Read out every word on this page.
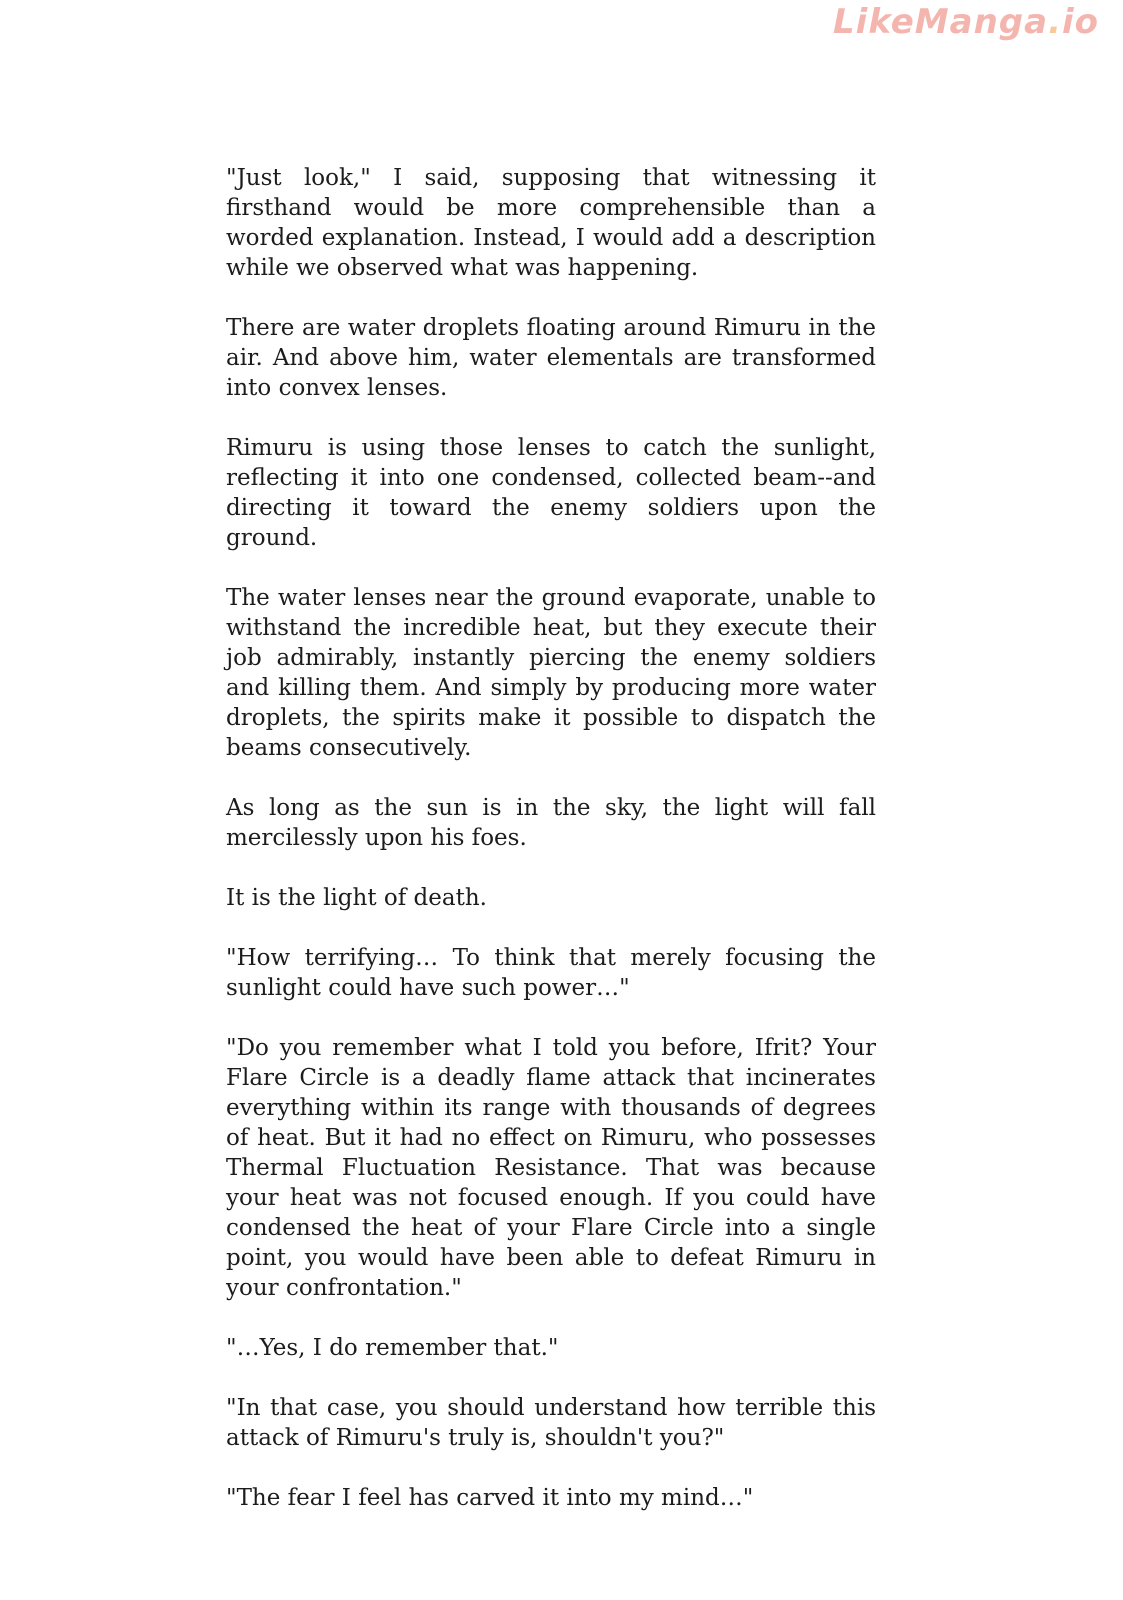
LikeManga.io

"Just look," I said, supposing that witnessing it firsthand would be more comprehensible than a worded explanation. Instead, I would add a description while we observed what was happening.

There are water droplets floating around Rimuru in the air. And above him, water elementals are transformed into convex lenses.

Rimuru is using those lenses to catch the sunlight, reflecting it into one condensed, collected beam--and directing it toward the enemy soldiers upon the ground.

The water lenses near the ground evaporate, unable to withstand the incredible heat, but they execute their job admirably, instantly piercing the enemy soldiers and killing them. And simply by producing more water droplets, the spirits make it possible to dispatch the beams consecutively.

As long as the sun is in the sky, the light will fall mercilessly upon his foes.

It is the light of death.

"How terrifying… To think that merely focusing the sunlight could have such power…"

"Do you remember what I told you before, Ifrit? Your Flare Circle is a deadly flame attack that incinerates everything within its range with thousands of degrees of heat. But it had no effect on Rimuru, who possesses Thermal Fluctuation Resistance. That was because your heat was not focused enough. If you could have condensed the heat of your Flare Circle into a single point, you would have been able to defeat Rimuru in your confrontation."

"…Yes, I do remember that."

"In that case, you should understand how terrible this attack of Rimuru's truly is, shouldn't you?"

"The fear I feel has carved it into my mind…"
